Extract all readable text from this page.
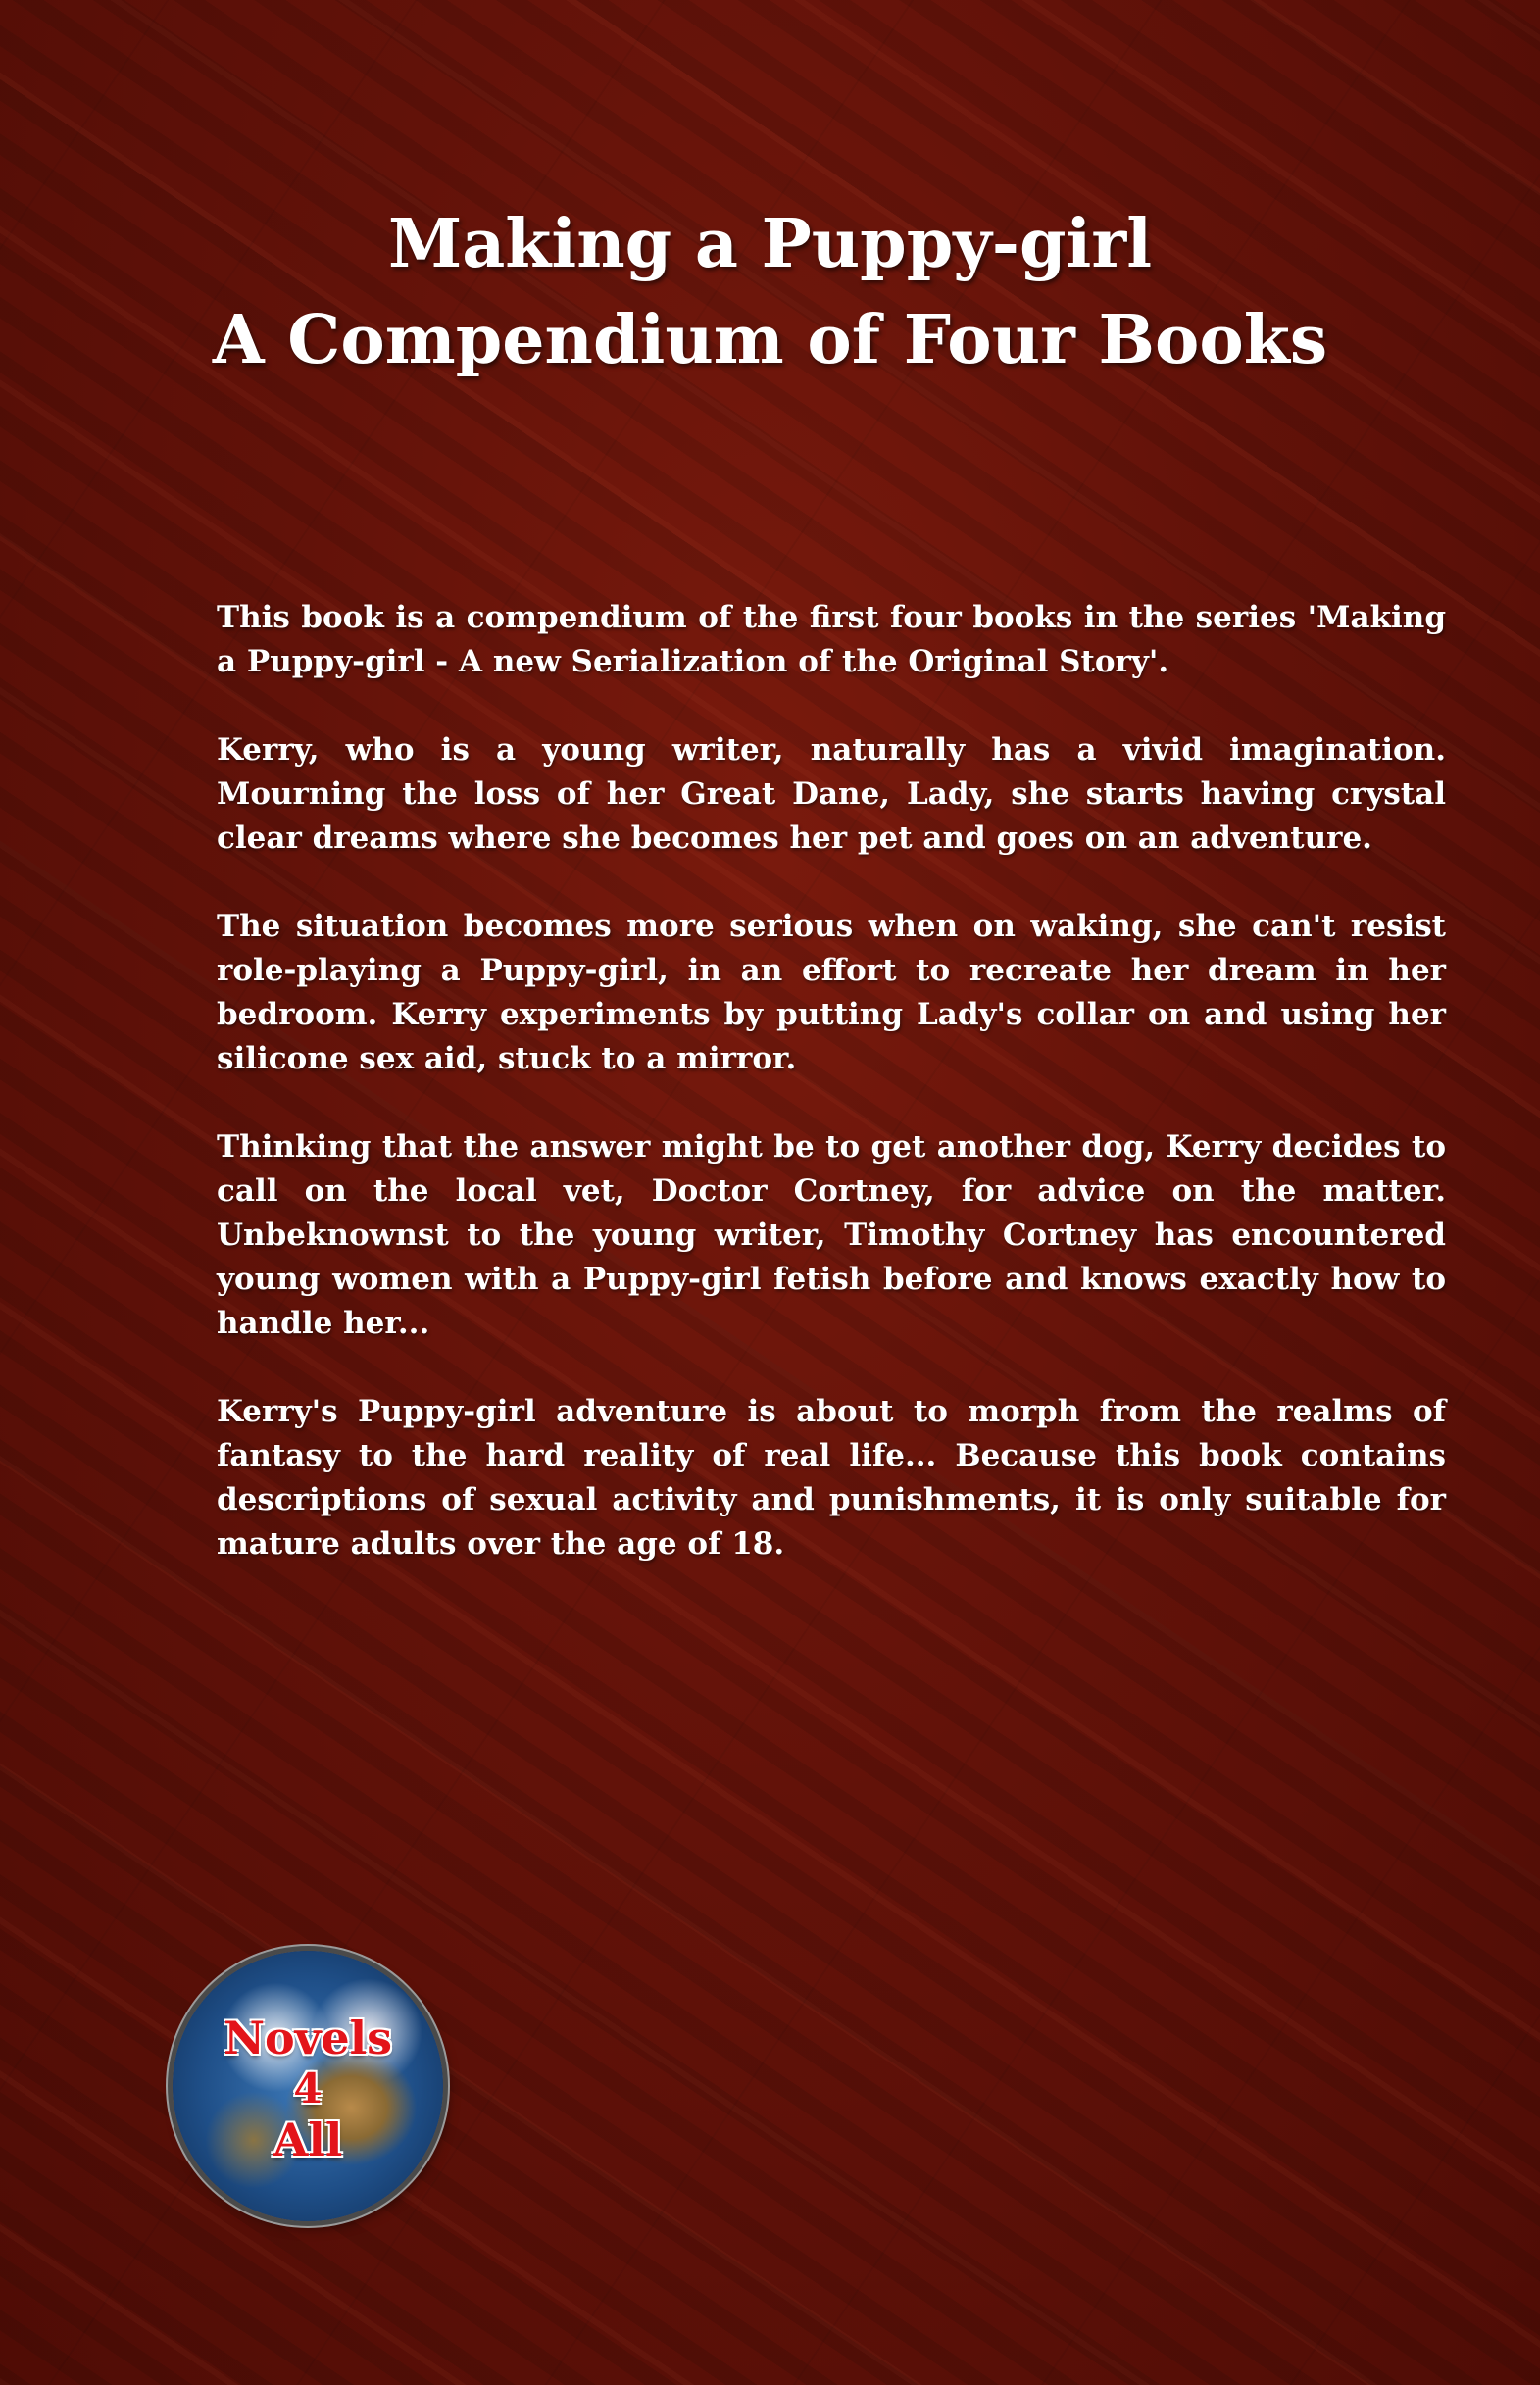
Making a Puppy-girl
A Compendium of Four Books

This book is a compendium of the first four books in the series 'Making a Puppy-girl - A new Serialization of the Original Story'.

Kerry, who is a young writer, naturally has a vivid imagination. Mourning the loss of her Great Dane, Lady, she starts having crystal clear dreams where she becomes her pet and goes on an adventure.

The situation becomes more serious when on waking, she can't resist role-playing a Puppy-girl, in an effort to recreate her dream in her bedroom. Kerry experiments by putting Lady's collar on and using her silicone sex aid, stuck to a mirror.

Thinking that the answer might be to get another dog, Kerry decides to call on the local vet, Doctor Cortney, for advice on the matter. Unbeknownst to the young writer, Timothy Cortney has encountered young women with a Puppy-girl fetish before and knows exactly how to handle her...

Kerry's Puppy-girl adventure is about to morph from the realms of fantasy to the hard reality of real life... Because this book contains descriptions of sexual activity and punishments, it is only suitable for mature adults over the age of 18.

Novels
4
All
